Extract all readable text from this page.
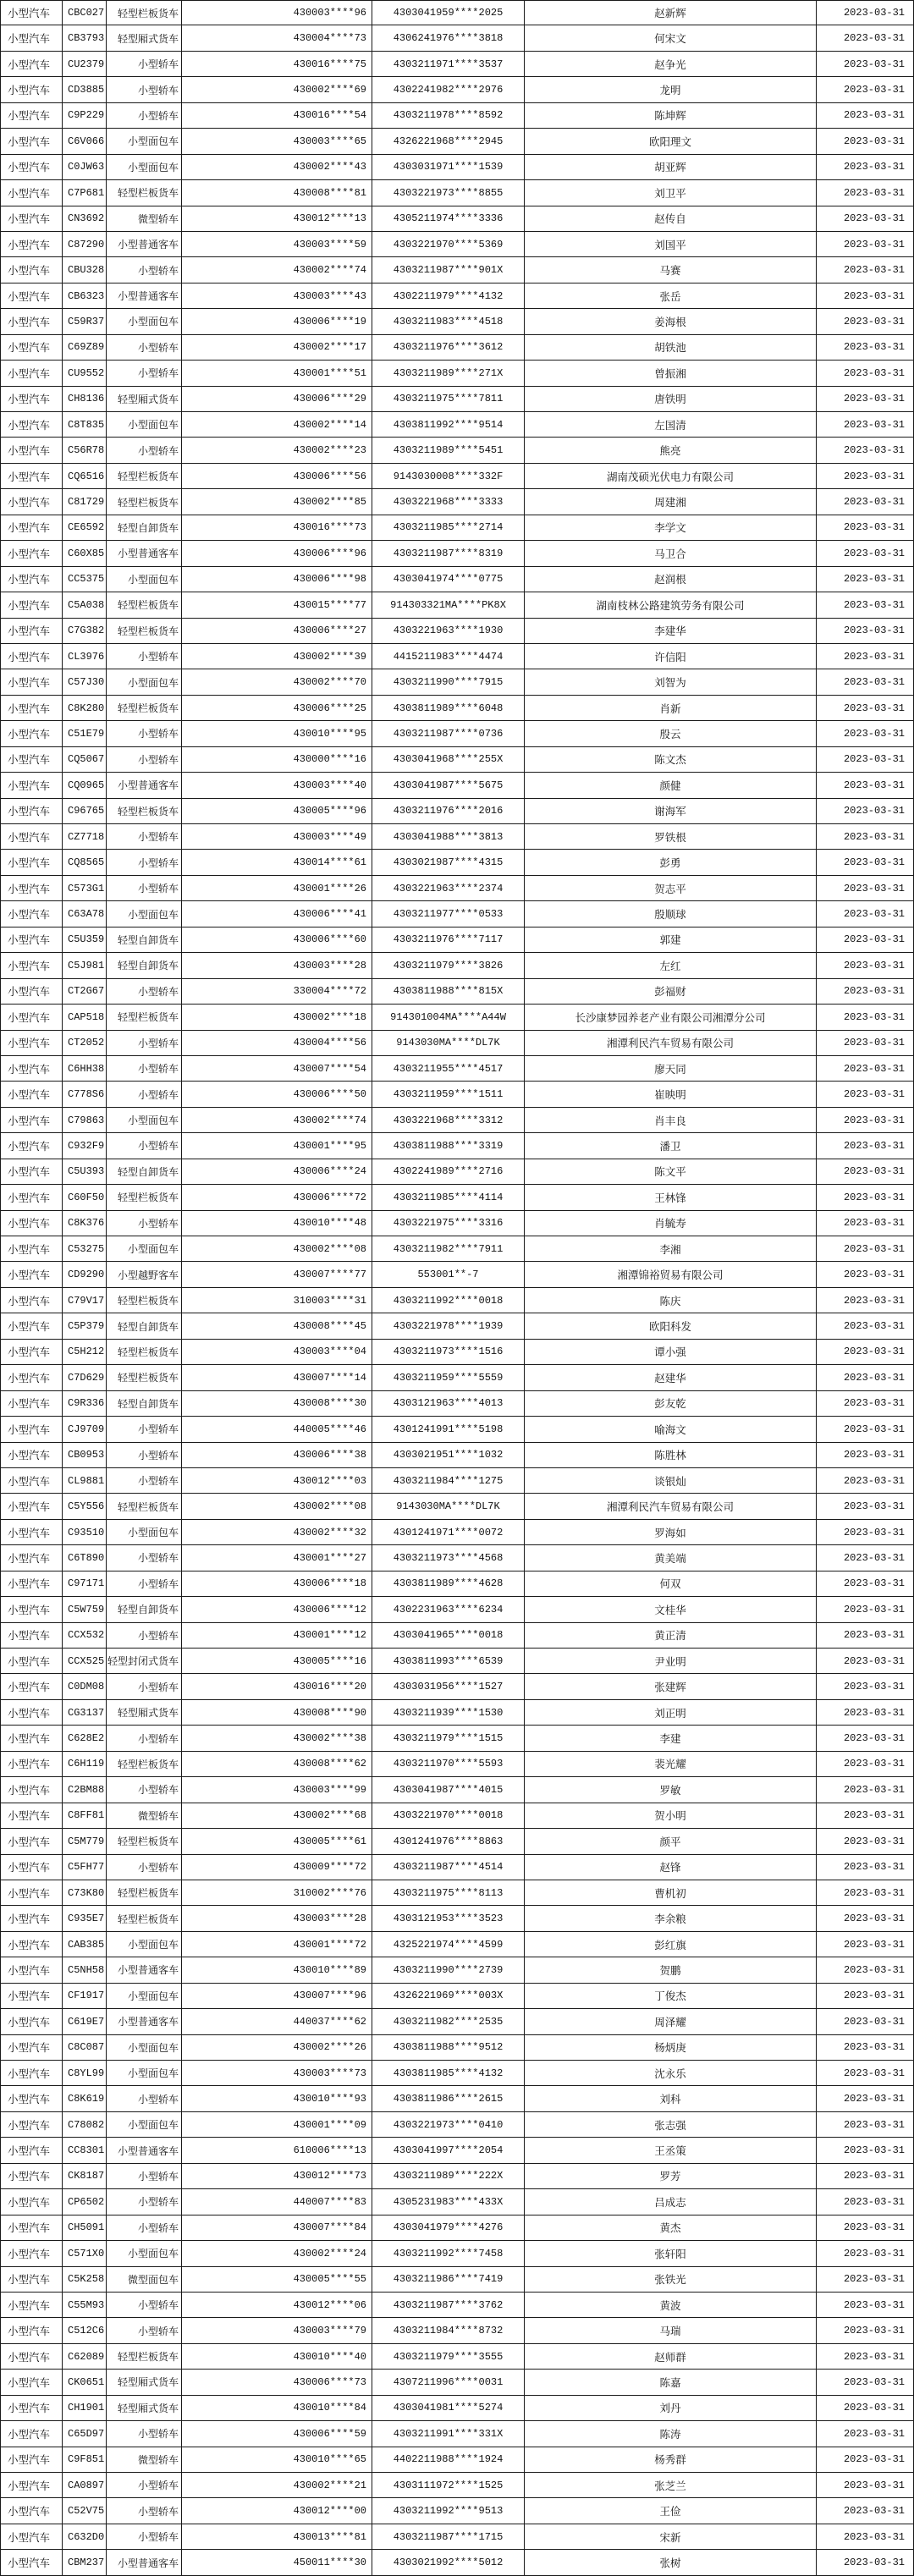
小型汽车	CBC027	轻型栏板货车	430003****96	4303041959****2025	赵新辉	2023-03-31
小型汽车	CB3793	轻型厢式货车	430004****73	4306241976****3818	何宋文	2023-03-31
小型汽车	CU2379	小型轿车	430016****75	4303211971****3537	赵争光	2023-03-31
小型汽车	CD3885	小型轿车	430002****69	4302241982****2976	龙明	2023-03-31
小型汽车	C9P229	小型轿车	430016****54	4303211978****8592	陈坤辉	2023-03-31
小型汽车	C6V066	小型面包车	430003****65	4326221968****2945	欧阳理文	2023-03-31
小型汽车	C0JW63	小型面包车	430002****43	4303031971****1539	胡亚辉	2023-03-31
小型汽车	C7P681	轻型栏板货车	430008****81	4303221973****8855	刘卫平	2023-03-31
小型汽车	CN3692	微型轿车	430012****13	4305211974****3336	赵传自	2023-03-31
小型汽车	C87290	小型普通客车	430003****59	4303221970****5369	刘国平	2023-03-31
小型汽车	CBU328	小型轿车	430002****74	4303211987****901X	马赛	2023-03-31
小型汽车	CB6323	小型普通客车	430003****43	4302211979****4132	张岳	2023-03-31
小型汽车	C59R37	小型面包车	430006****19	4303211983****4518	姜海根	2023-03-31
小型汽车	C69Z89	小型轿车	430002****17	4303211976****3612	胡铁池	2023-03-31
小型汽车	CU9552	小型轿车	430001****51	4303211989****271X	曾振湘	2023-03-31
小型汽车	CH8136	轻型厢式货车	430006****29	4303211975****7811	唐铁明	2023-03-31
小型汽车	C8T835	小型面包车	430002****14	4303811992****9514	左国清	2023-03-31
小型汽车	C56R78	小型轿车	430002****23	4303211989****5451	熊亮	2023-03-31
小型汽车	CQ6516	轻型栏板货车	430006****56	9143030008****332F	湖南茂硕光伏电力有限公司	2023-03-31
小型汽车	C81729	轻型栏板货车	430002****85	4303221968****3333	周建湘	2023-03-31
小型汽车	CE6592	轻型自卸货车	430016****73	4303211985****2714	李学文	2023-03-31
小型汽车	C60X85	小型普通客车	430006****96	4303211987****8319	马卫合	2023-03-31
小型汽车	CC5375	小型面包车	430006****98	4303041974****0775	赵润根	2023-03-31
小型汽车	C5A038	轻型栏板货车	430015****77	914303321MA****PK8X	湖南枝林公路建筑劳务有限公司	2023-03-31
小型汽车	C7G382	轻型栏板货车	430006****27	4303221963****1930	李建华	2023-03-31
小型汽车	CL3976	小型轿车	430002****39	4415211983****4474	许信阳	2023-03-31
小型汽车	C57J30	小型面包车	430002****70	4303211990****7915	刘智为	2023-03-31
小型汽车	C8K280	轻型栏板货车	430006****25	4303811989****6048	肖新	2023-03-31
小型汽车	C51E79	小型轿车	430010****95	4303211987****0736	殷云	2023-03-31
小型汽车	CQ5067	小型轿车	430000****16	4303041968****255X	陈文杰	2023-03-31
小型汽车	CQ0965	小型普通客车	430003****40	4303041987****5675	颜健	2023-03-31
小型汽车	C96765	轻型栏板货车	430005****96	4303211976****2016	谢海军	2023-03-31
小型汽车	CZ7718	小型轿车	430003****49	4303041988****3813	罗铁根	2023-03-31
小型汽车	CQ8565	小型轿车	430014****61	4303021987****4315	彭勇	2023-03-31
小型汽车	C573G1	小型轿车	430001****26	4303221963****2374	贺志平	2023-03-31
小型汽车	C63A78	小型面包车	430006****41	4303211977****0533	殷顺球	2023-03-31
小型汽车	C5U359	轻型自卸货车	430006****60	4303211976****7117	郭建	2023-03-31
小型汽车	C5J981	轻型自卸货车	430003****28	4303211979****3826	左红	2023-03-31
小型汽车	CT2G67	小型轿车	330004****72	4303811988****815X	彭福财	2023-03-31
小型汽车	CAP518	轻型栏板货车	430002****18	914301004MA****A44W	长沙康梦园养老产业有限公司湘潭分公司	2023-03-31
小型汽车	CT2052	小型轿车	430004****56	9143030MA****DL7K	湘潭利民汽车贸易有限公司	2023-03-31
小型汽车	C6HH38	小型轿车	430007****54	4303211955****4517	廖天同	2023-03-31
小型汽车	C778S6	小型轿车	430006****50	4303211959****1511	崔映明	2023-03-31
小型汽车	C79863	小型面包车	430002****74	4303221968****3312	肖丰良	2023-03-31
小型汽车	C932F9	小型轿车	430001****95	4303811988****3319	潘卫	2023-03-31
小型汽车	C5U393	轻型自卸货车	430006****24	4302241989****2716	陈文平	2023-03-31
小型汽车	C60F50	轻型栏板货车	430006****72	4303211985****4114	王林锋	2023-03-31
小型汽车	C8K376	小型轿车	430010****48	4303221975****3316	肖毓寿	2023-03-31
小型汽车	C53275	小型面包车	430002****08	4303211982****7911	李湘	2023-03-31
小型汽车	CD9290	小型越野客车	430007****77	553001**-7	湘潭锦裕贸易有限公司	2023-03-31
小型汽车	C79V17	轻型栏板货车	310003****31	4303211992****0018	陈庆	2023-03-31
小型汽车	C5P379	轻型自卸货车	430008****45	4303221978****1939	欧阳科发	2023-03-31
小型汽车	C5H212	轻型栏板货车	430003****04	4303211973****1516	谭小强	2023-03-31
小型汽车	C7D629	轻型栏板货车	430007****14	4303211959****5559	赵建华	2023-03-31
小型汽车	C9R336	轻型自卸货车	430008****30	4303121963****4013	彭友乾	2023-03-31
小型汽车	CJ9709	小型轿车	440005****46	4301241991****5198	喻海文	2023-03-31
小型汽车	CB0953	小型轿车	430006****38	4303021951****1032	陈胜林	2023-03-31
小型汽车	CL9881	小型轿车	430012****03	4303211984****1275	谈银灿	2023-03-31
小型汽车	C5Y556	轻型栏板货车	430002****08	9143030MA****DL7K	湘潭利民汽车贸易有限公司	2023-03-31
小型汽车	C93510	小型面包车	430002****32	4301241971****0072	罗海如	2023-03-31
小型汽车	C6T890	小型轿车	430001****27	4303211973****4568	黄美端	2023-03-31
小型汽车	C97171	小型轿车	430006****18	4303811989****4628	何双	2023-03-31
小型汽车	C5W759	轻型自卸货车	430006****12	4302231963****6234	文桂华	2023-03-31
小型汽车	CCX532	小型轿车	430001****12	4303041965****0018	黄正清	2023-03-31
小型汽车	CCX525 轻型封闭式货车	430005****16	4303811993****6539	尹业明	2023-03-31
小型汽车	C0DM08	小型轿车	430016****20	4303031956****1527	张建辉	2023-03-31
小型汽车	CG3137	轻型厢式货车	430008****90	4303211939****1530	刘正明	2023-03-31
小型汽车	C628E2	小型轿车	430002****38	4303211979****1515	李建	2023-03-31
小型汽车	C6H119	轻型栏板货车	430008****62	4303211970****5593	裴光耀	2023-03-31
小型汽车	C2BM88	小型轿车	430003****99	4303041987****4015	罗敏	2023-03-31
小型汽车	C8FF81	微型轿车	430002****68	4303221970****0018	贺小明	2023-03-31
小型汽车	C5M779	轻型栏板货车	430005****61	4301241976****8863	颜平	2023-03-31
小型汽车	C5FH77	小型轿车	430009****72	4303211987****4514	赵锋	2023-03-31
小型汽车	C73K80	轻型栏板货车	310002****76	4303211975****8113	曹机初	2023-03-31
小型汽车	C935E7	轻型栏板货车	430003****28	4303121953****3523	李余粮	2023-03-31
小型汽车	CAB385	小型面包车	430001****72	4325221974****4599	彭红旗	2023-03-31
小型汽车	C5NH58	小型普通客车	430010****89	4303211990****2739	贺鹏	2023-03-31
小型汽车	CF1917	小型面包车	430007****96	4326221969****003X	丁俊杰	2023-03-31
小型汽车	C619E7	小型普通客车	440037****62	4303211982****2535	周泽耀	2023-03-31
小型汽车	C8C087	小型面包车	430002****26	4303811988****9512	杨炳庚	2023-03-31
小型汽车	C8YL99	小型面包车	430003****73	4303811985****4132	沈永乐	2023-03-31
小型汽车	C8K619	小型轿车	430010****93	4303811986****2615	刘科	2023-03-31
小型汽车	C78082	小型面包车	430001****09	4303221973****0410	张志强	2023-03-31
小型汽车	CC8301	小型普通客车	610006****13	4303041997****2054	王丞策	2023-03-31
小型汽车	CK8187	小型轿车	430012****73	4303211989****222X	罗芳	2023-03-31
小型汽车	CP6502	小型轿车	440007****83	4305231983****433X	吕成志	2023-03-31
小型汽车	CH5091	小型轿车	430007****84	4303041979****4276	黄杰	2023-03-31
小型汽车	C571X0	小型面包车	430002****24	4303211992****7458	张轩阳	2023-03-31
小型汽车	C5K258	微型面包车	430005****55	4303211986****7419	张铁光	2023-03-31
小型汽车	C55M93	小型轿车	430012****06	4303211987****3762	黄波	2023-03-31
小型汽车	C512C6	小型轿车	430003****79	4303211984****8732	马瑞	2023-03-31
小型汽车	C62089	轻型栏板货车	430010****40	4303211979****3555	赵师群	2023-03-31
小型汽车	CK0651	轻型厢式货车	430006****73	4307211996****0031	陈嘉	2023-03-31
小型汽车	CH1901	轻型厢式货车	430010****84	4303041981****5274	刘丹	2023-03-31
小型汽车	C65D97	小型轿车	430006****59	4303211991****331X	陈涛	2023-03-31
小型汽车	C9F851	微型轿车	430010****65	4402211988****1924	杨秀群	2023-03-31
小型汽车	CA0897	小型轿车	430002****21	4303111972****1525	张芝兰	2023-03-31
小型汽车	C52V75	小型轿车	430012****00	4303211992****9513	王俭	2023-03-31
小型汽车	C632D0	小型轿车	430013****81	4303211987****1715	宋新	2023-03-31
小型汽车	CBM237	小型普通客车	450011****30	4303021992****5012	张树	2023-03-31
